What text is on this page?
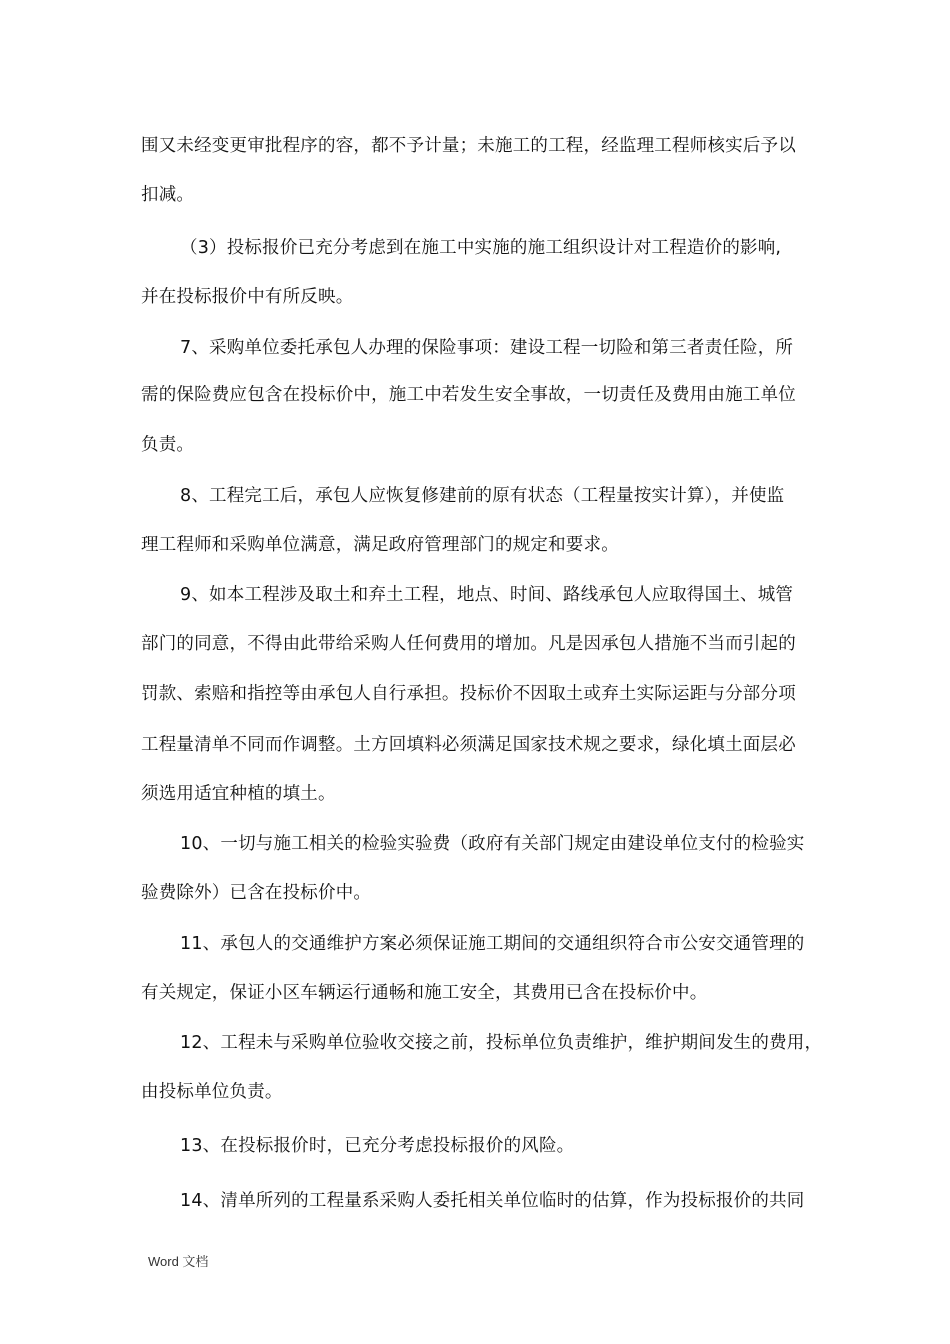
围又未经变更审批程序的容，都不予计量；未施工的工程，经监理工程师核实后予以
扣减。
（3）投标报价已充分考虑到在施工中实施的施工组织设计对工程造价的影响,
并在投标报价中有所反映。
7、采购单位委托承包人办理的保险事项：建设工程一切险和第三者责任险，所
需的保险费应包含在投标价中，施工中若发生安全事故，一切责任及费用由施工单位
负责。
8、工程完工后，承包人应恢复修建前的原有状态（工程量按实计算），并使监
理工程师和采购单位满意，满足政府管理部门的规定和要求。
9、如本工程涉及取土和弃土工程，地点、时间、路线承包人应取得国土、城管
部门的同意，不得由此带给采购人任何费用的增加。凡是因承包人措施不当而引起的
罚款、索赔和指控等由承包人自行承担。投标价不因取土或弃土实际运距与分部分项
工程量清单不同而作调整。土方回填料必须满足国家技术规之要求，绿化填土面层必
须选用适宜种植的填土。
10、一切与施工相关的检验实验费（政府有关部门规定由建设单位支付的检验实
验费除外）已含在投标价中。
11、承包人的交通维护方案必须保证施工期间的交通组织符合市公安交通管理的
有关规定，保证小区车辆运行通畅和施工安全，其费用已含在投标价中。
12、工程未与采购单位验收交接之前，投标单位负责维护，维护期间发生的费用，
由投标单位负责。
13、在投标报价时，已充分考虑投标报价的风险。
14、清单所列的工程量系采购人委托相关单位临时的估算，作为投标报价的共同
Word 文档
